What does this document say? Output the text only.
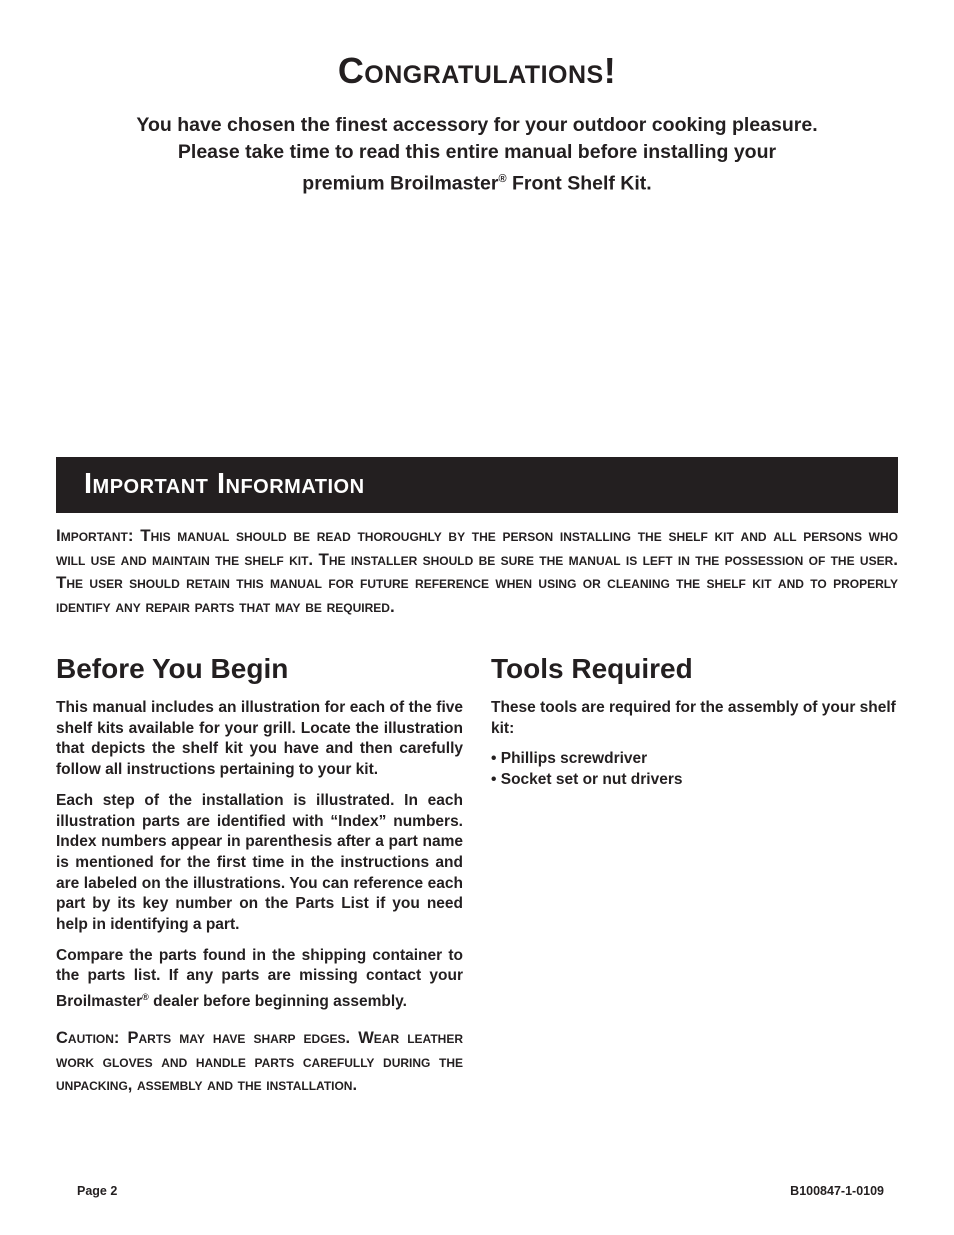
Congratulations!
You have chosen the finest accessory for your outdoor cooking pleasure.
Please take time to read this entire manual before installing your
premium Broilmaster® Front Shelf Kit.
Important Information

Important: This manual should be read thoroughly by the person installing the shelf kit and all persons who will use and maintain the shelf kit. The installer should be sure the manual is left in the possession of the user. The user should retain this manual for future reference when using or cleaning the shelf kit and to properly identify any repair parts that may be required.

Before You Begin

This manual includes an illustration for each of the five shelf kits available for your grill. Locate the illustration that depicts the shelf kit you have and then carefully follow all instructions pertaining to your kit.

Each step of the installation is illustrated. In each illustration parts are identified with “Index” numbers. Index numbers appear in parenthesis after a part name is mentioned for the first time in the instructions and are labeled on the illustrations. You can reference each part by its key number on the Parts List if you need help in identifying a part.

Compare the parts found in the shipping container to the parts list. If any parts are missing contact your Broilmaster® dealer before beginning assembly.

Caution: Parts may have sharp edges. Wear leather work gloves and handle parts carefully during the unpacking, assembly and the installation.

Tools Required

These tools are required for the assembly of your shelf kit:

• Phillips screwdriver
• Socket set or nut drivers
Page 2	B100847-1-0109
